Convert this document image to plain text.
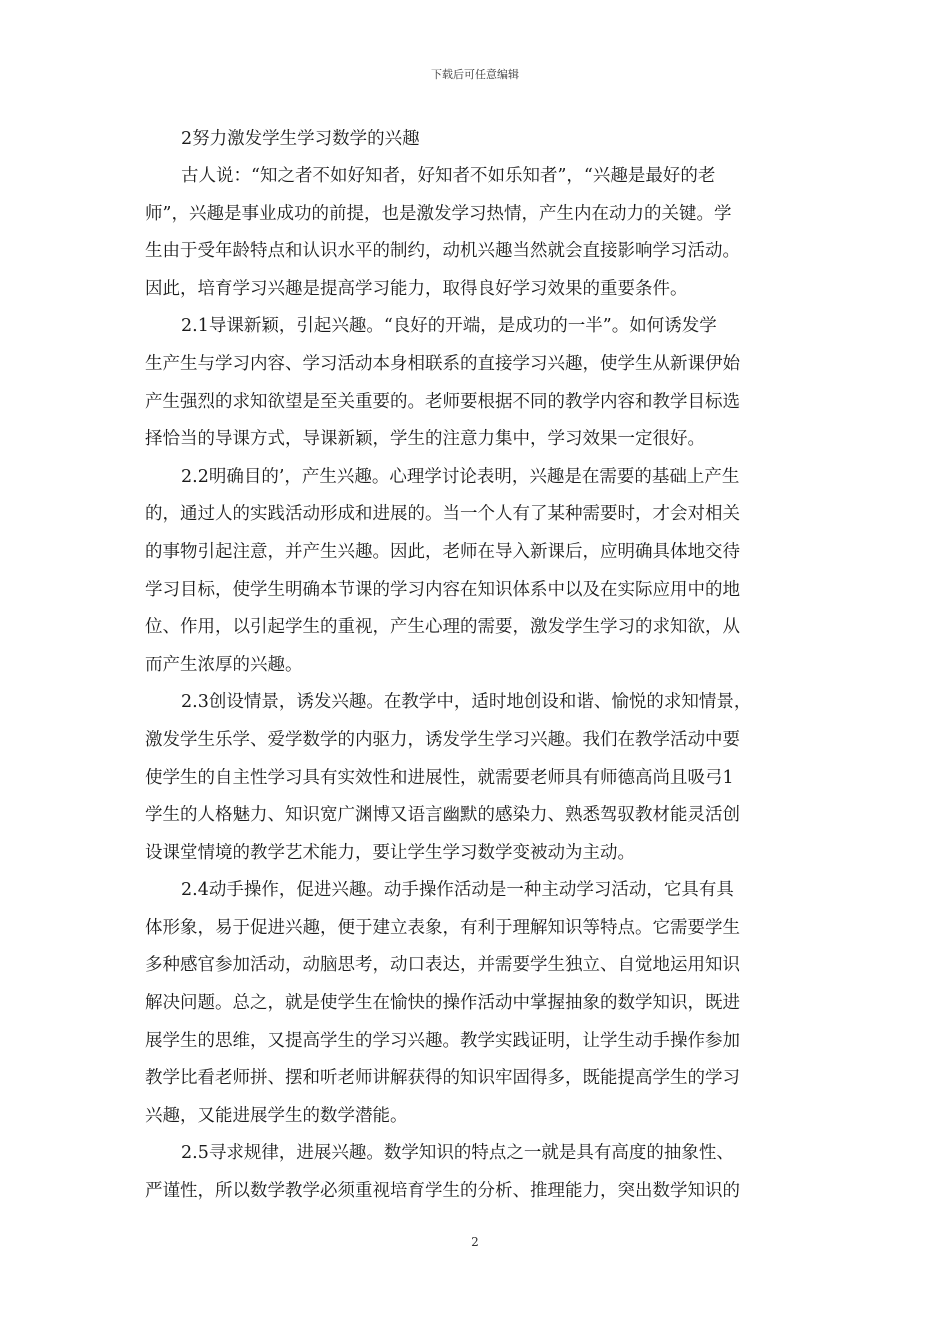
下载后可任意编辑

2努力激发学生学习数学的兴趣

古人说：“知之者不如好知者，好知者不如乐知者”，“兴趣是最好的老
师”，兴趣是事业成功的前提，也是激发学习热情，产生内在动力的关键。学
生由于受年龄特点和认识水平的制约，动机兴趣当然就会直接影响学习活动。
因此，培育学习兴趣是提高学习能力，取得良好学习效果的重要条件。
2.1导课新颖，引起兴趣。“良好的开端，是成功的一半”。如何诱发学
生产生与学习内容、学习活动本身相联系的直接学习兴趣，使学生从新课伊始
产生强烈的求知欲望是至关重要的。老师要根据不同的教学内容和教学目标选
择恰当的导课方式，导课新颖，学生的注意力集中，学习效果一定很好。
2.2明确目的’，产生兴趣。心理学讨论表明，兴趣是在需要的基础上产生
的，通过人的实践活动形成和进展的。当一个人有了某种需要时，才会对相关
的事物引起注意，并产生兴趣。因此，老师在导入新课后，应明确具体地交待
学习目标，使学生明确本节课的学习内容在知识体系中以及在实际应用中的地
位、作用，以引起学生的重视，产生心理的需要，激发学生学习的求知欲，从
而产生浓厚的兴趣。
2.3创设情景，诱发兴趣。在教学中，适时地创设和谐、愉悦的求知情景，
激发学生乐学、爱学数学的内驱力，诱发学生学习兴趣。我们在教学活动中要
使学生的自主性学习具有实效性和进展性，就需要老师具有师德高尚且吸弓1
学生的人格魅力、知识宽广渊博又语言幽默的感染力、熟悉驾驭教材能灵活创
设课堂情境的教学艺术能力，要让学生学习数学变被动为主动。
2.4动手操作，促进兴趣。动手操作活动是一种主动学习活动，它具有具
体形象，易于促进兴趣，便于建立表象，有利于理解知识等特点。它需要学生
多种感官参加活动，动脑思考，动口表达，并需要学生独立、自觉地运用知识
解决问题。总之，就是使学生在愉快的操作活动中掌握抽象的数学知识，既进
展学生的思维，又提高学生的学习兴趣。教学实践证明，让学生动手操作参加
教学比看老师拼、摆和听老师讲解获得的知识牢固得多，既能提高学生的学习
兴趣，又能进展学生的数学潜能。
2.5寻求规律，进展兴趣。数学知识的特点之一就是具有高度的抽象性、
严谨性，所以数学教学必须重视培育学生的分析、推理能力，突出数学知识的
2
